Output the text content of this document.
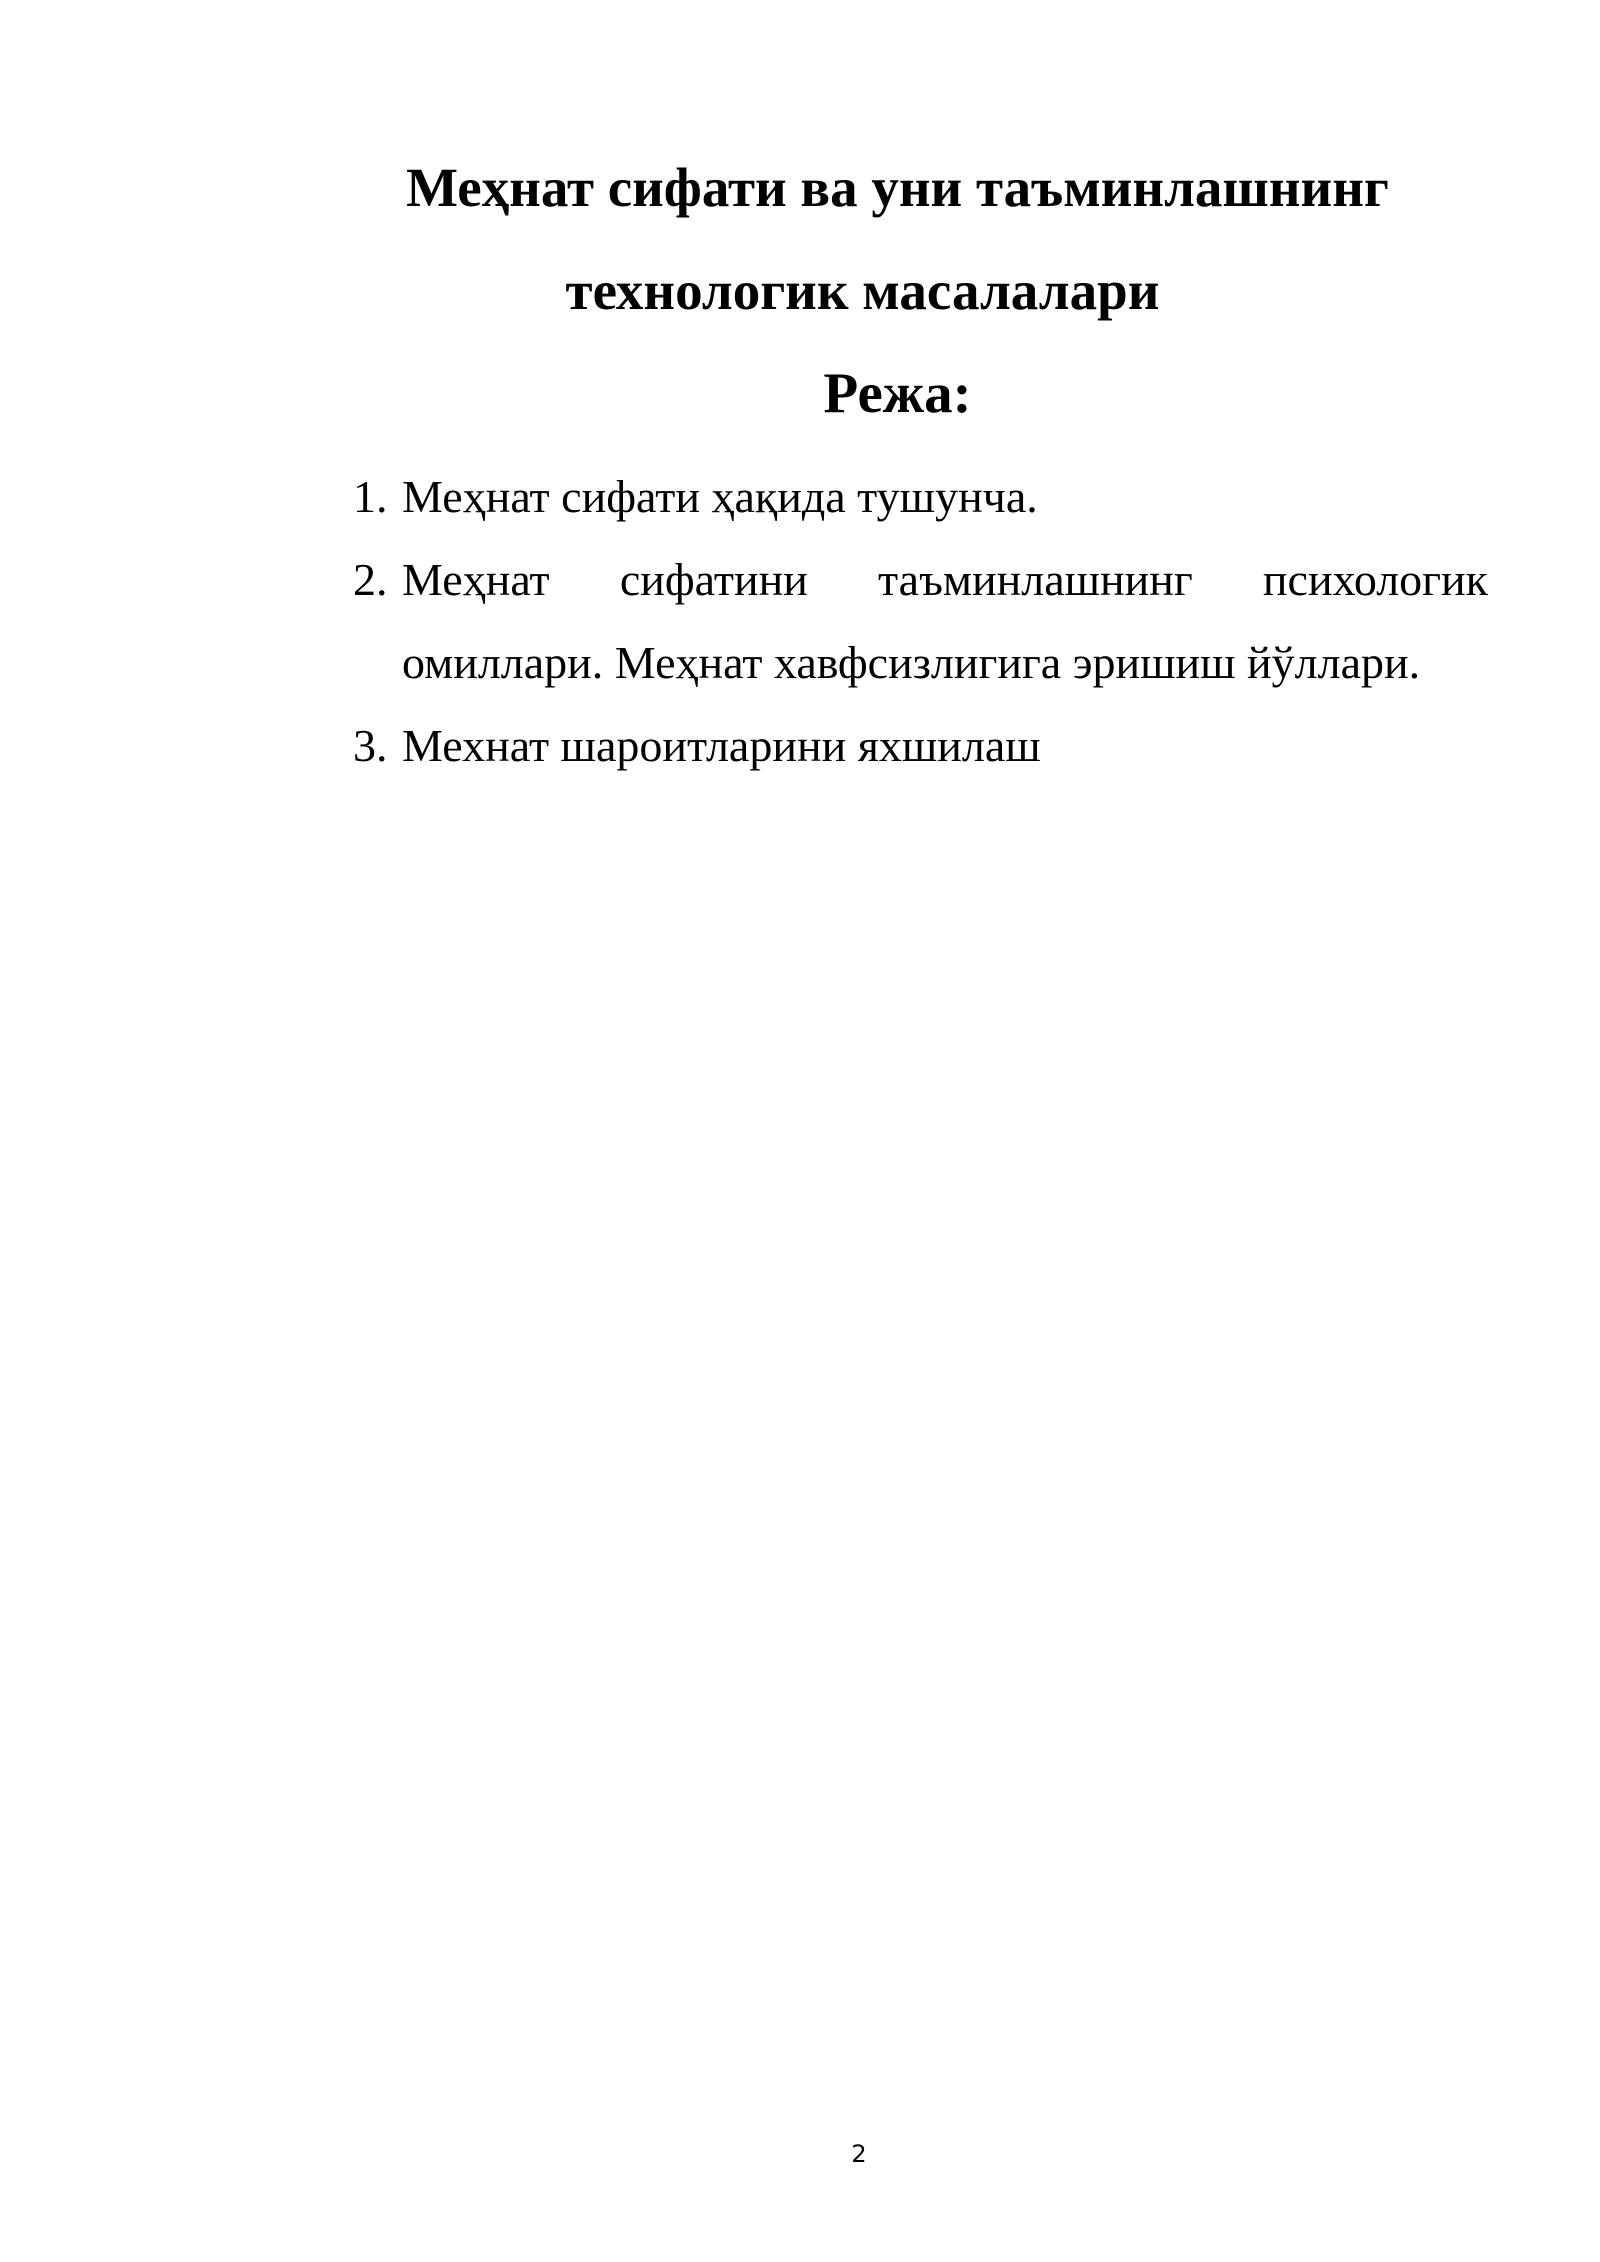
Меҳнат сифати ва уни таъминлашнинг
технологик масалалари
Режа:
1. Меҳнат сифати ҳақида тушунча.
2. Меҳнат сифатини таъминлашнинг психологик омиллари. Меҳнат хавфсизлигига эришиш йўллари.
3. Мехнат шароитларини яхшилаш
2
